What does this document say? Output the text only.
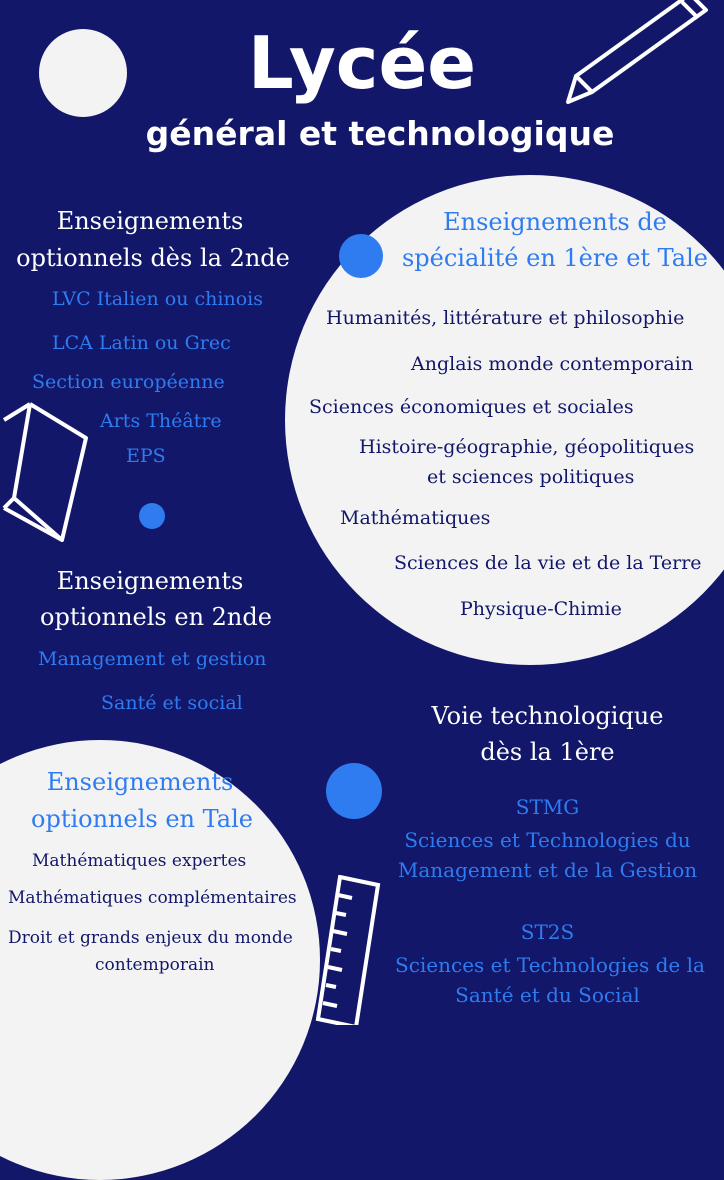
Lycée
général et technologique
Enseignements
optionnels dès la 2nde
LVC Italien ou chinois
LCA Latin ou Grec
Section européenne
Arts Théâtre
EPS
Enseignements de
spécialité en 1ère et Tale
Humanités, littérature et philosophie
Anglais monde contemporain
Sciences économiques et sociales
Histoire-géographie, géopolitiques
et sciences politiques
Mathématiques
Sciences de la vie et de la Terre
Physique-Chimie
Enseignements
optionnels en 2nde
Management et gestion
Santé et social
Enseignements
optionnels en Tale
Mathématiques expertes
Mathématiques complémentaires
Droit et grands enjeux du monde
contemporain
Voie technologique
dès la 1ère
STMG
Sciences et Technologies du
Management et de la Gestion
ST2S
Sciences et Technologies de la
Santé et du Social
